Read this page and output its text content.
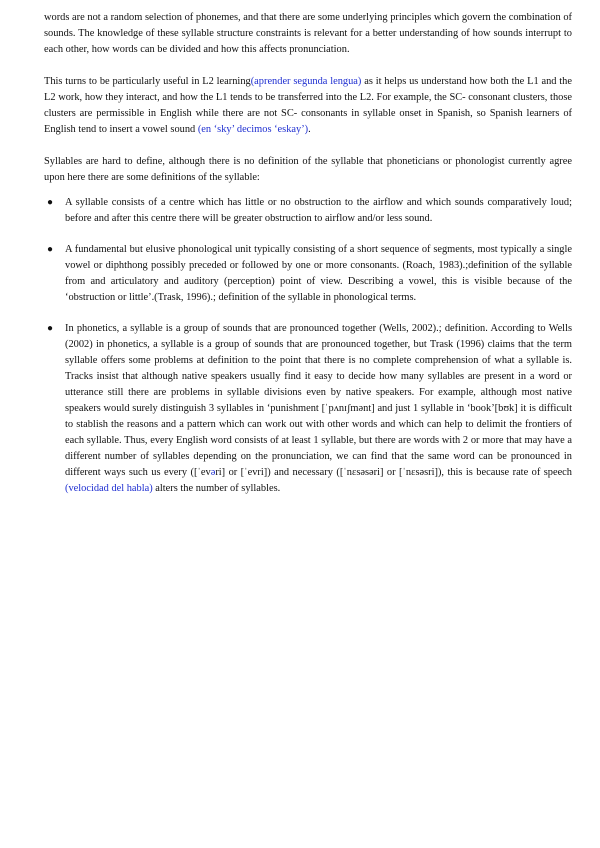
words are not a random selection of phonemes, and that there are some underlying principles which govern the combination of sounds. The knowledge of these syllable structure constraints is relevant for a better understanding of how sounds interrupt to each other, how words can be divided and how this affects pronunciation.

This turns to be particularly useful in L2 learning(aprender segunda lengua) as it helps us understand how both the L1 and the L2 work, how they interact, and how the L1 tends to be transferred into the L2. For example, the SC- consonant clusters, those clusters are permissible in English while there are not SC- consonants in syllable onset in Spanish, so Spanish learners of English tend to insert a vowel sound (en ‘sky’ decimos ‘eskay’).

Syllables are hard to define, although there is no definition of the syllable that phoneticians or phonologist currently agree upon here there are some definitions of the syllable:

● A syllable consists of a centre which has little or no obstruction to the airflow and which sounds comparatively loud; before and after this centre there will be greater obstruction to airflow and/or less sound.

● A fundamental but elusive phonological unit typically consisting of a short sequence of segments, most typically a single vowel or diphthong possibly preceded or followed by one or more consonants. (Roach, 1983).;definition of the syllable from and articulatory and auditory (perception) point of view. Describing a vowel, this is visible because of the ‘obstruction or little’.(Trask, 1996).; definition of the syllable in phonological terms.

● In phonetics, a syllable is a group of sounds that are pronounced together (Wells, 2002).; definition. According to Wells (2002) in phonetics, a syllable is a group of sounds that are pronounced together, but Trask (1996) claims that the term syllable offers some problems at definition to the point that there is no complete comprehension of what a syllable is. Tracks insist that although native speakers usually find it easy to decide how many syllables are present in a word or utterance still there are problems in syllable divisions even by native speakers. For example, although most native speakers would surely distinguish 3 syllables in ‘punishment [ˈpʌnɪʃmənt] and just 1 syllable in ‘book’[bʊk] it is difficult to stablish the reasons and a pattern which can work out with other words and which can help to delimit the frontiers of each syllable. Thus, every English word consists of at least 1 syllable, but there are words with 2 or more that may have a different number of syllables depending on the pronunciation, we can find that the same word can be pronounced in different ways such us every ([ˈevəri] or [ˈevri]) and necessary ([ˈnɛsəsəri] or [ˈnɛsəsri]), this is because rate of speech (velocidad del habla) alters the number of syllables.
